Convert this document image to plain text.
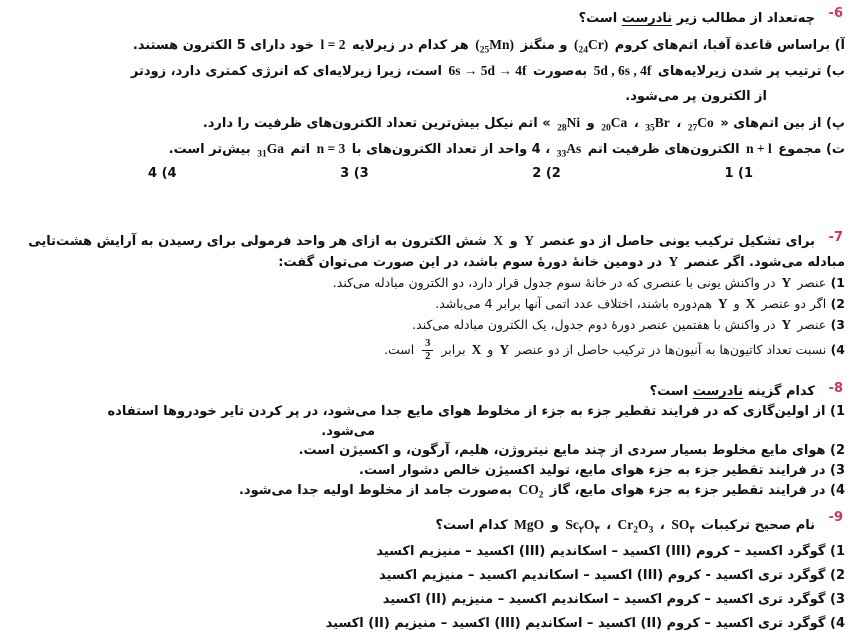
-6
چه‌تعداد از مطالب زیر نادرست است؟
آ) براساس قاعدة آفبا، اتم‌های کروم $(_{24}Cr)$ و منگنز $(_{25}Mn)$ هر کدام در زیرلایه l = 2 خود دارای 5 الکترون هستند.
ب) ترتیب پر شدن زیرلایه‌های 5d , 6s , 4f به‌صورت 6s → 5d → 4f است، زیرا زیرلایه‌ای که انرژی کمتری دارد، زودتر
از الکترون پر می‌شود.
پ) از بین اتم‌های « $_{27}$Co ، $_{35}$Br ، $_{20}$Ca و $_{28}$Ni » اتم نیکل بیش‌ترین تعداد الکترون‌های ظرفیت را دارد.
ت) مجموع n + l الکترون‌های ظرفیت اتم $_{33}$As ، 4 واحد از تعداد الکترون‌های با n = 3 اتم $_{31}$Ga بیش‌تر است.
1 (1
2 (2
3 (3
4 (4
-7
برای تشکیل ترکیب یونی حاصل از دو عنصر Y و X شش الکترون به ازای هر واحد فرمولی برای رسیدن به آرایش هشت‌تایی
مبادله می‌شود. اگر عنصر Y در دومین خانهٔ دورهٔ سوم باشد، در این صورت می‌توان گفت:
1) عنصر Y در واکنش یونی با عنصری که در خانهٔ سوم جدول قرار دارد، دو الکترون مبادله می‌کند.
2) اگر دو عنصر X و Y هم‌دوره باشند، اختلاف عدد اتمی آنها برابر 4 می‌باشد.
3) عنصر Y در واکنش با هفتمین عنصر دورهٔ دوم جدول، یک الکترون مبادله می‌کند.
4) نسبت تعداد کاتیون‌ها به آنیون‌ها در ترکیب حاصل از دو عنصر Y و X برابر
$\frac{3}{2}$
است.
-8
کدام گزینه نادرست است؟
1) از اولین‌گازی که در فرایند تقطیر جزء به جزء از مخلوط هوای مایع جدا می‌شود، در پر کردن تایر خودروها استفاده
می‌شود.
2) هوای مایع مخلوط بسیار سردی از چند مایع نیتروژن، هلیم، آرگون، و اکسیژن است.
3) در فرایند تقطیر جزء به جزء هوای مایع، تولید اکسیژن خالص دشوار است.
4) در فرایند تقطیر جزء به جزء هوای مایع، گاز $CO_2$ به‌صورت جامد از مخلوط اولیه جدا می‌شود.
-9
نام صحیح ترکیبات $SO_۳$ ، $Cr_2O_3$ ، $Sc_۲O_۳$ و MgO کدام است؟
1) گوگرد اکسید – کروم (III) اکسید – اسکاندیم (III) اکسید – منیزیم اکسید
2) گوگرد تری اکسید - کروم (III) اکسید – اسکاندیم اکسید – منیزیم اکسید
3) گوگرد تری اکسید – کروم اکسید – اسکاندیم اکسید – منیزیم (II) اکسید
4) گوگرد تری اکسید – کروم (II) اکسید – اسکاندیم (III) اکسید – منیزیم (II) اکسید
